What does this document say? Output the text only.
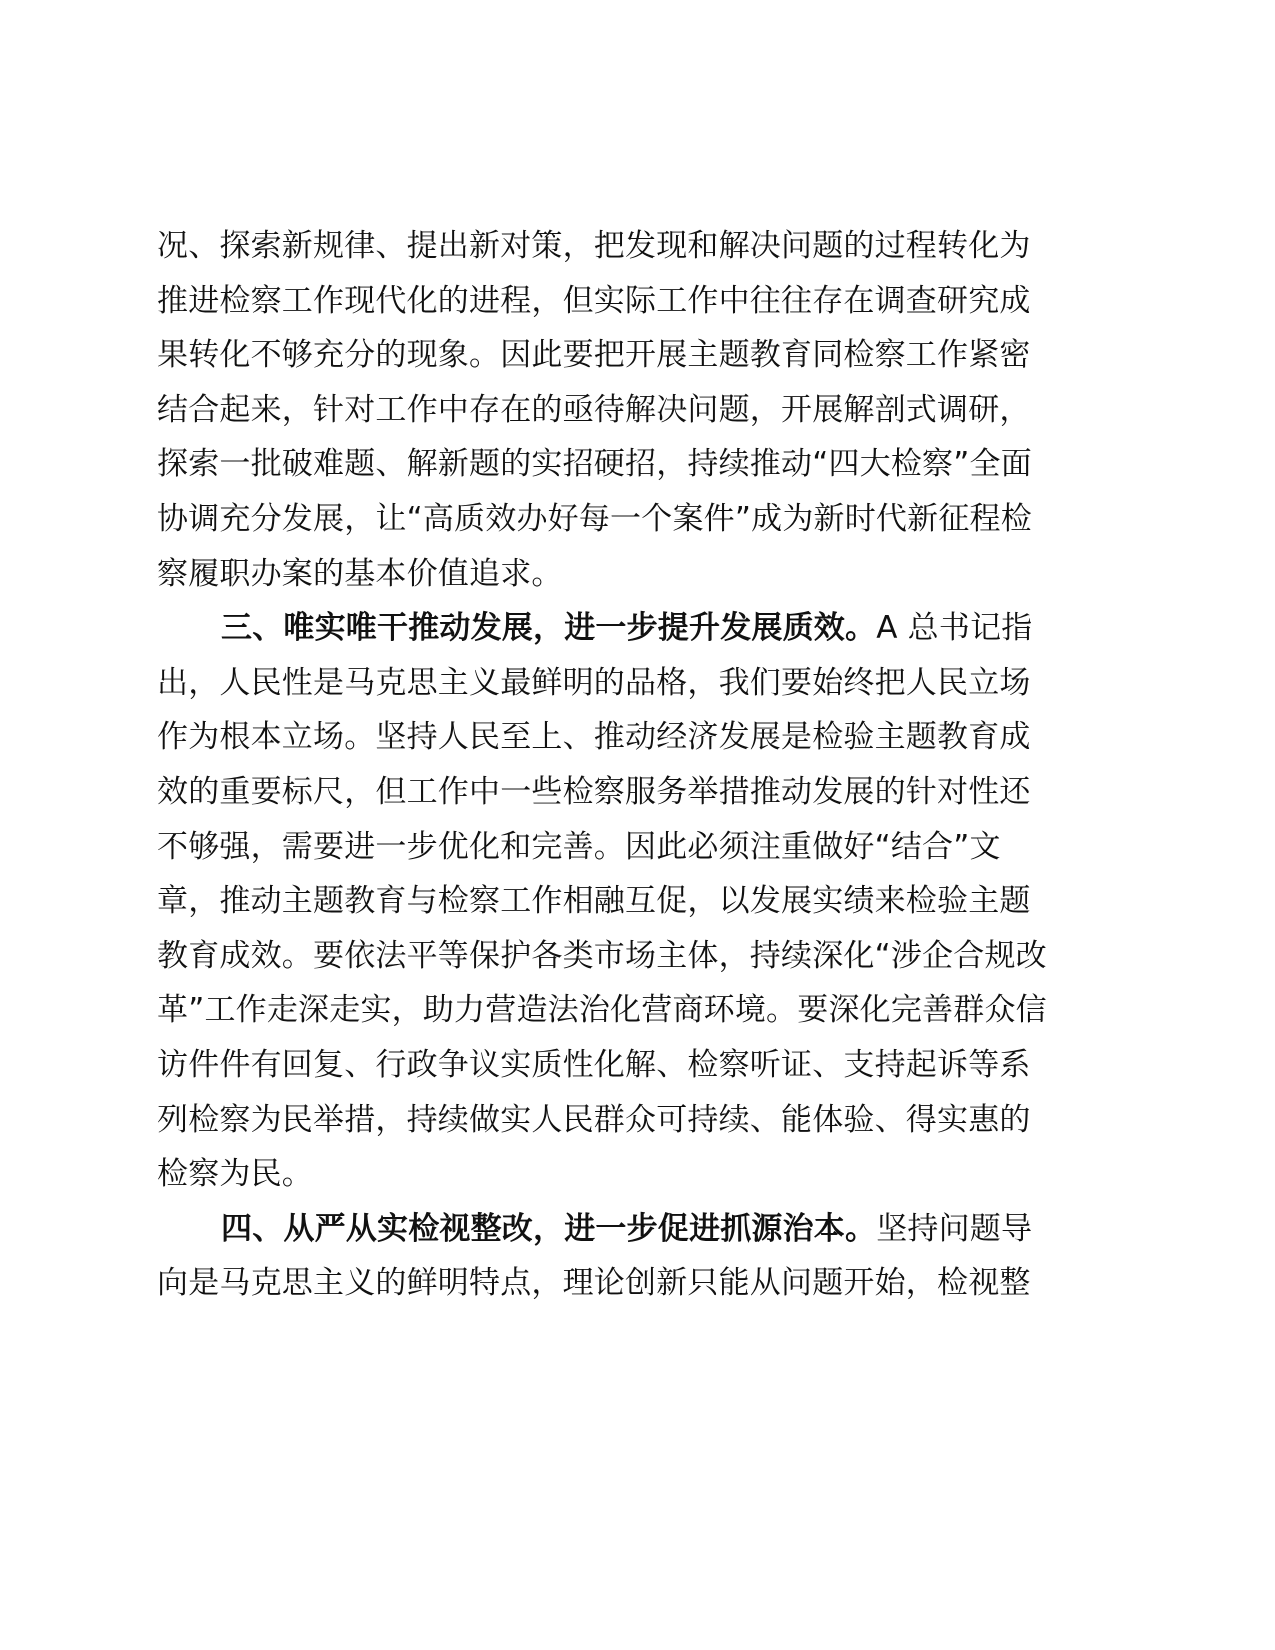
况、探索新规律、提出新对策，把发现和解决问题的过程转化为
推进检察工作现代化的进程，但实际工作中往往存在调查研究成
果转化不够充分的现象。因此要把开展主题教育同检察工作紧密
结合起来，针对工作中存在的亟待解决问题，开展解剖式调研，
探索一批破难题、解新题的实招硬招，持续推动“四大检察”全面
协调充分发展，让“高质效办好每一个案件”成为新时代新征程检
察履职办案的基本价值追求。
三、唯实唯干推动发展，进一步提升发展质效。A 总书记指
出，人民性是马克思主义最鲜明的品格，我们要始终把人民立场
作为根本立场。坚持人民至上、推动经济发展是检验主题教育成
效的重要标尺，但工作中一些检察服务举措推动发展的针对性还
不够强，需要进一步优化和完善。因此必须注重做好“结合”文
章，推动主题教育与检察工作相融互促，以发展实绩来检验主题
教育成效。要依法平等保护各类市场主体，持续深化“涉企合规改
革”工作走深走实，助力营造法治化营商环境。要深化完善群众信
访件件有回复、行政争议实质性化解、检察听证、支持起诉等系
列检察为民举措，持续做实人民群众可持续、能体验、得实惠的
检察为民。
四、从严从实检视整改，进一步促进抓源治本。坚持问题导
向是马克思主义的鲜明特点，理论创新只能从问题开始，检视整
